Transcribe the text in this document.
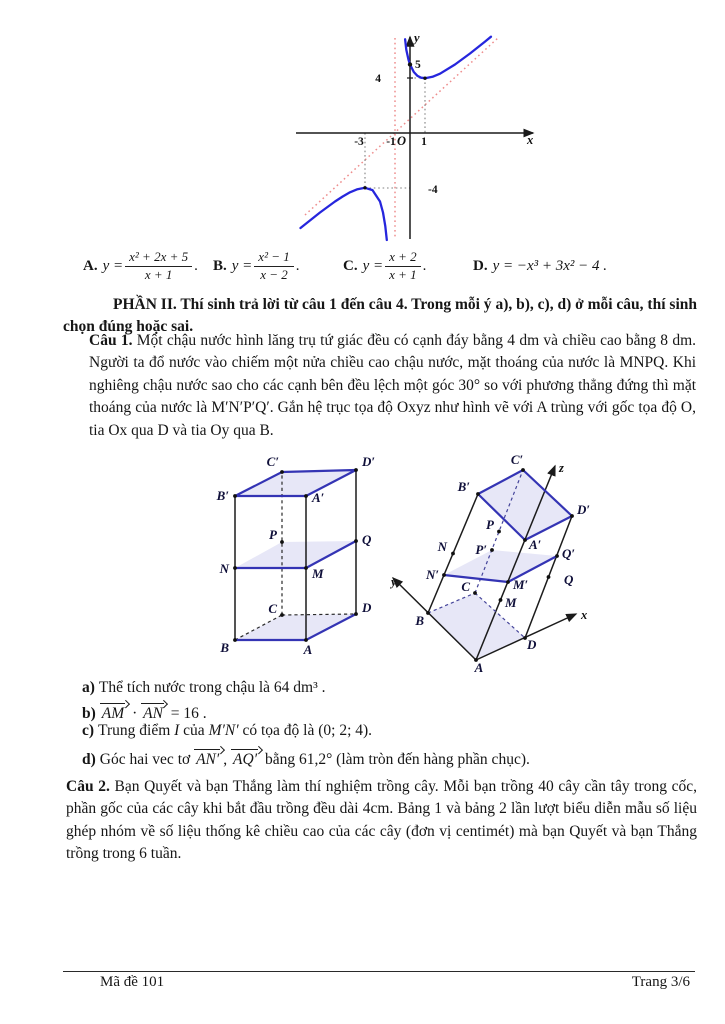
y
x
O
5
4
-4
1
-1
-3
A. $y = \frac{\text{x² + 2x + 5}}{x + 1}$ . B. $y = \frac{\text{x² − 1}}{x - 2}$ .	C. $y = \frac{x + 2}{x + 1}$ .	D. y = −x³ + 3x² − 4 .

PHẦN II. Thí sinh trả lời từ câu 1 đến câu 4. Trong mỗi ý a), b), c), d) ở mỗi câu, thí sinh chọn đúng hoặc sai.

Câu 1. Một chậu nước hình lăng trụ tứ giác đều có cạnh đáy bằng 4 dm và chiều cao bằng 8 dm. Người ta đổ nước vào chiếm một nửa chiều cao chậu nước, mặt thoáng của nước là MNPQ. Khi nghiêng chậu nước sao cho các cạnh bên đều lệch một góc 30° so với phương thẳng đứng thì mặt thoáng của nước là M′N′P′Q′. Gắn hệ trục tọa độ Oxyz như hình vẽ với A trùng với gốc tọa độ O, tia Ox qua D và tia Oy qua B.

C′	D′
B′	A′
P	Q
N	M
C	D
B	A
C′
z
B′
D′
P
A′
P′
N	Q′
N′
M′	Q
C
M
y
B	x
D
A
a) Thể tích nước trong chậu là 64 dm³ .
b) AM · AN = 16 .
c) Trung điểm I của M′N′ có tọa độ là (0; 2; 4).
d) Góc hai vec tơ AN′ , AQ′ bằng 61,2° (làm tròn đến hàng phần chục).

Câu 2. Bạn Quyết và bạn Thắng làm thí nghiệm trồng cây. Mỗi bạn trồng 40 cây cần tây trong cốc, phần gốc của các cây khi bắt đầu trồng đều dài 4cm. Bảng 1 và bảng 2 lần lượt biểu diễn mẫu số liệu ghép nhóm về số liệu thống kê chiều cao của các cây (đơn vị centimét) mà bạn Quyết và bạn Thắng trồng trong 6 tuần.

Mã đề 101	Trang 3/6
